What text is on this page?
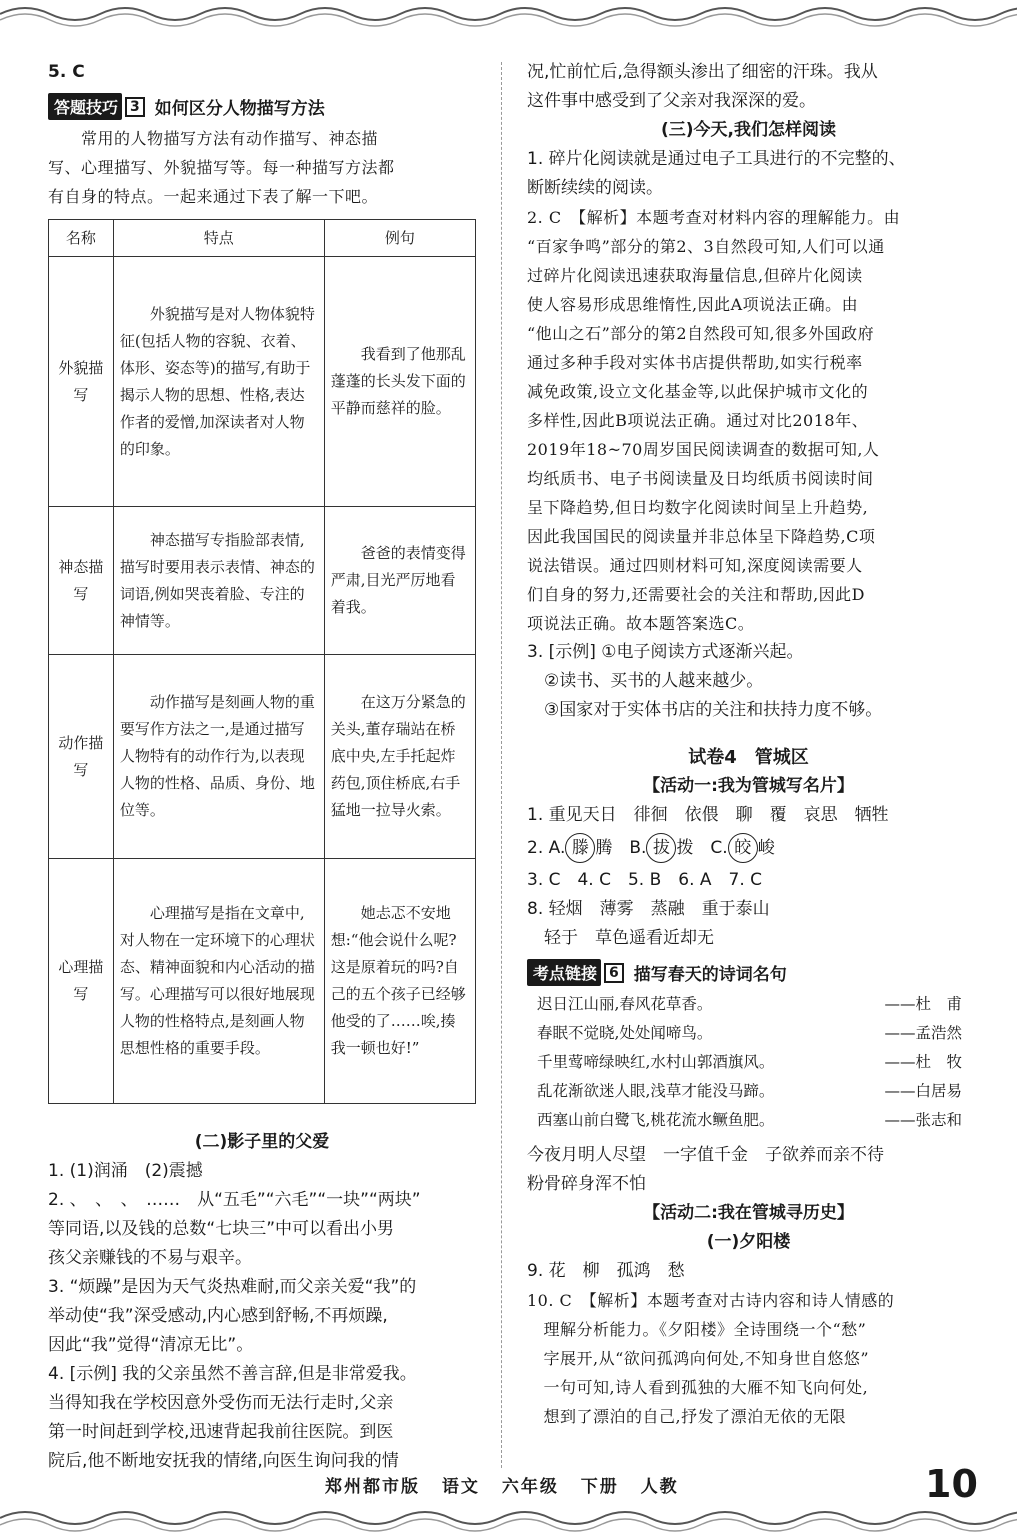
5. C
答题技巧 3 如何区分人物描写方法
　　常用的人物描写方法有动作描写、神态描
写、心理描写、外貌描写等。每一种描写方法都
有自身的特点。一起来通过下表了解一下吧。
名称	特点	例句
外貌描写	　　外貌描写是对人物体貌特征(包括人物的容貌、衣着、体形、姿态等)的描写,有助于揭示人物的思想、性格,表达作者的爱憎,加深读者对人物的印象。	　　我看到了他那乱蓬蓬的长头发下面的平静而慈祥的脸。
神态描写	　　神态描写专指脸部表情,描写时要用表示表情、神态的词语,例如哭丧着脸、专注的神情等。	　　爸爸的表情变得严肃,目光严厉地看着我。
动作描写	　　动作描写是刻画人物的重要写作方法之一,是通过描写人物特有的动作行为,以表现人物的性格、品质、身份、地位等。	　　在这万分紧急的关头,董存瑞站在桥底中央,左手托起炸药包,顶住桥底,右手猛地一拉导火索。
心理描写	　　心理描写是指在文章中,对人物在一定环境下的心理状态、精神面貌和内心活动的描写。心理描写可以很好地展现人物的性格特点,是刻画人物思想性格的重要手段。	　　她忐忑不安地想:“他会说什么呢?这是原着玩的吗?自己的五个孩子已经够他受的了……唉,揍我一顿也好!”
(二)影子里的父爱
1. (1)润涌　(2)震撼
2. 、　、　、　……　从“五毛”“六毛”“一块”“两块”
等同语,以及钱的总数“七块三”中可以看出小男
孩父亲赚钱的不易与艰辛。
3. “烦躁”是因为天气炎热难耐,而父亲关爱“我”的
举动使“我”深受感动,内心感到舒畅,不再烦躁,
因此“我”觉得“清凉无比”。
4. [示例] 我的父亲虽然不善言辞,但是非常爱我。
当得知我在学校因意外受伤而无法行走时,父亲
第一时间赶到学校,迅速背起我前往医院。到医
院后,他不断地安抚我的情绪,向医生询问我的情
况,忙前忙后,急得额头渗出了细密的汗珠。我从
这件事中感受到了父亲对我深深的爱。
(三)今天,我们怎样阅读
1. 碎片化阅读就是通过电子工具进行的不完整的、
断断续续的阅读。
2. C　【解析】本题考查对材料内容的理解能力。由
“百家争鸣”部分的第2、3自然段可知,人们可以通
过碎片化阅读迅速获取海量信息,但碎片化阅读
使人容易形成思维惰性,因此A项说法正确。由
“他山之石”部分的第2自然段可知,很多外国政府
通过多种手段对实体书店提供帮助,如实行税率
减免政策,设立文化基金等,以此保护城市文化的
多样性,因此B项说法正确。通过对比2018年、
2019年18~70周岁国民阅读调查的数据可知,人
均纸质书、电子书阅读量及日均纸质书阅读时间
呈下降趋势,但日均数字化阅读时间呈上升趋势,
因此我国国民的阅读量并非总体呈下降趋势,C项
说法错误。通过四则材料可知,深度阅读需要人
们自身的努力,还需要社会的关注和帮助,因此D
项说法正确。故本题答案选C。
3. [示例] ①电子阅读方式逐渐兴起。
　②读书、买书的人越来越少。
　③国家对于实体书店的关注和扶持力度不够。
试卷4　管城区
【活动一:我为管城写名片】
1. 重见天日　徘徊　依偎　聊　覆　哀思　牺牲
2. A. 滕 腾　B. 拔 拨　C. 皎 峻
3. C　4. C　5. B　6. A　7. C
8. 轻烟　薄雾　蒸融　重于泰山
　轻于　草色遥看近却无
考点链接 6 描写春天的诗词名句
迟日江山丽,春风花草香。	——杜　甫
春眠不觉晓,处处闻啼鸟。	——孟浩然
千里莺啼绿映红,水村山郭酒旗风。	——杜　牧
乱花渐欲迷人眼,浅草才能没马蹄。	——白居易
西塞山前白鹭飞,桃花流水鳜鱼肥。	——张志和
今夜月明人尽望　一字值千金　子欲养而亲不待
粉骨碎身浑不怕
【活动二:我在管城寻历史】
(一)夕阳楼
9. 花　柳　孤鸿　愁
10. C　【解析】本题考查对古诗内容和诗人情感的
　理解分析能力。《夕阳楼》全诗围绕一个“愁”
　字展开,从“欲问孤鸿向何处,不知身世自悠悠”
　一句可知,诗人看到孤独的大雁不知飞向何处,
　想到了漂泊的自己,抒发了漂泊无依的无限
郑州都市版 语文 六年级 下册 人教	10
